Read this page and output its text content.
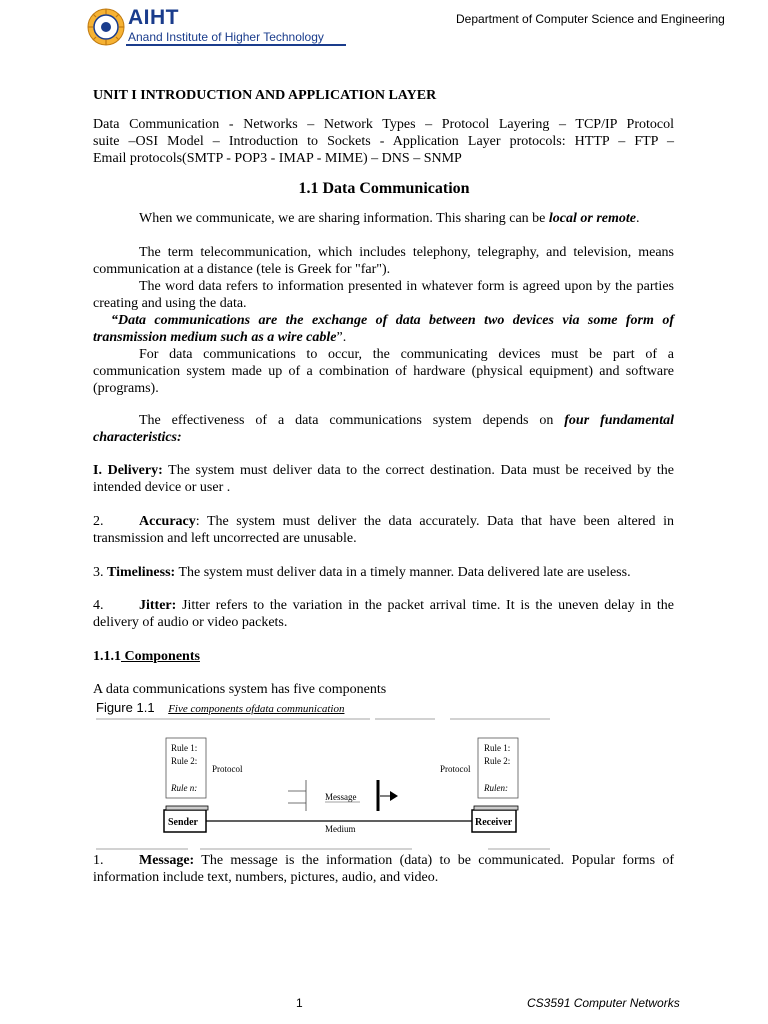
AIHT
Anand Institute of Higher Technology
Department of Computer Science and Engineering
UNIT I INTRODUCTION AND APPLICATION LAYER
Data Communication - Networks – Network Types – Protocol Layering – TCP/IP Protocol
suite –OSI Model – Introduction to Sockets - Application Layer protocols: HTTP – FTP –
Email protocols(SMTP - POP3 - IMAP - MIME) – DNS – SNMP
1.1 Data Communication

When we communicate, we are sharing information. This sharing can be local or remote.

The term telecommunication, which includes telephony, telegraphy, and television, means communication at a distance (tele is Greek for "far").

The word data refers to information presented in whatever form is agreed upon by the parties creating and using the data.

“Data communications are the exchange of data between two devices via some form of transmission medium such as a wire cable”.

For data communications to occur, the communicating devices must be part of a communication system made up of a combination of hardware (physical equipment) and software (programs).

The effectiveness of a data communications system depends on four fundamental characteristics:

I. Delivery: The system must deliver data to the correct destination. Data must be received by the intended device or user .

2.	Accuracy: The system must deliver the data accurately. Data that have been altered in transmission and left uncorrected are unusable.

3. Timeliness: The system must deliver data in a timely manner. Data delivered late are useless.

4.	Jitter: Jitter refers to the variation in the packet arrival time. It is the uneven delay in the delivery of audio or video packets.

1.1.1 Components
A data communications system has five components
Figure 1.1 Five components ofdata communication
Rule 1:
Rule 2:
Rule n:
Protocol
Rule 1:
Rule 2:
Rulen:
Protocol
Message
Sender	Receiver
Medium

1.	Message: The message is the information (data) to be communicated. Popular forms of information include text, numbers, pictures, audio, and video.

1	CS3591 Computer Networks
